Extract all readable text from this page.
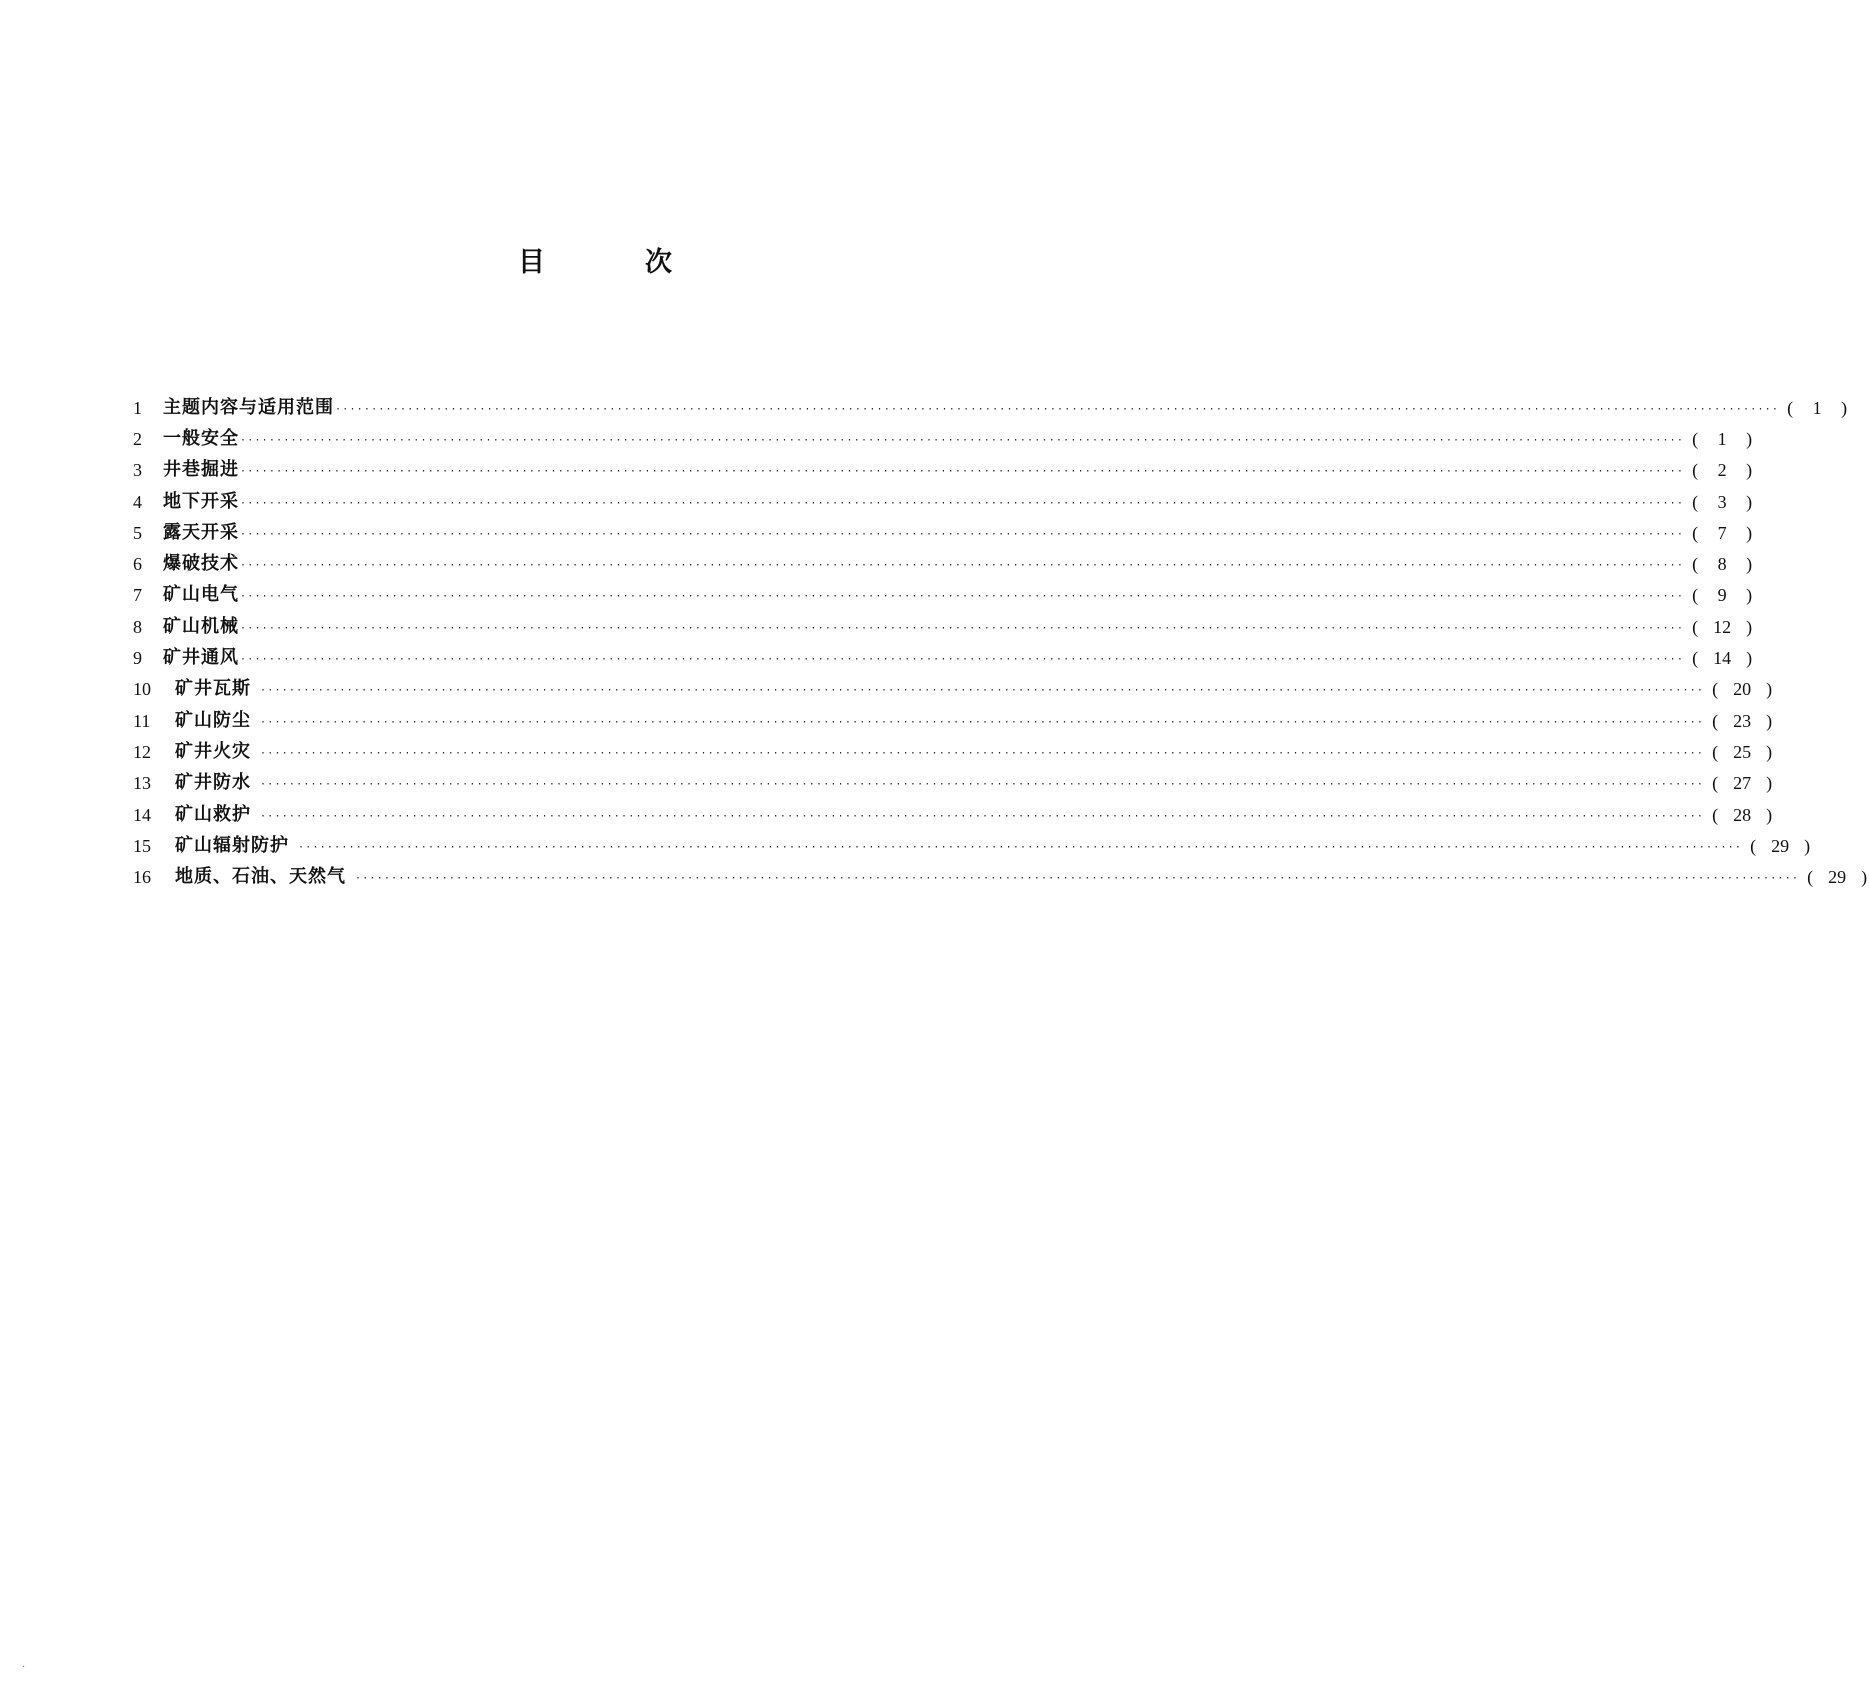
目	次
1	主题内容与适用范围 ········································································································································································································ (	1	)
2	一般安全 ········································································································································································································ (	1	)
3	井巷掘进 ········································································································································································································ (	2	)
4	地下开采 ········································································································································································································ (	3	)
5	露天开采 ········································································································································································································ (	7	)
6	爆破技术 ········································································································································································································ (	8	)
7	矿山电气 ········································································································································································································ (	9	)
8	矿山机械 ········································································································································································································ ( 12 )
9	矿井通风 ········································································································································································································ ( 14 )
10	矿井瓦斯 ········································································································································································································ ( 20 )
11	矿山防尘 ········································································································································································································ ( 23 )
12	矿井火灾 ········································································································································································································ ( 25 )
13	矿井防水 ········································································································································································································ ( 27 )
14	矿山救护 ········································································································································································································ ( 28 )
15	矿山辐射防护 ········································································································································································································ ( 29 )
16	地质、石油、天然气 ········································································································································································································ ( 29 )
·
